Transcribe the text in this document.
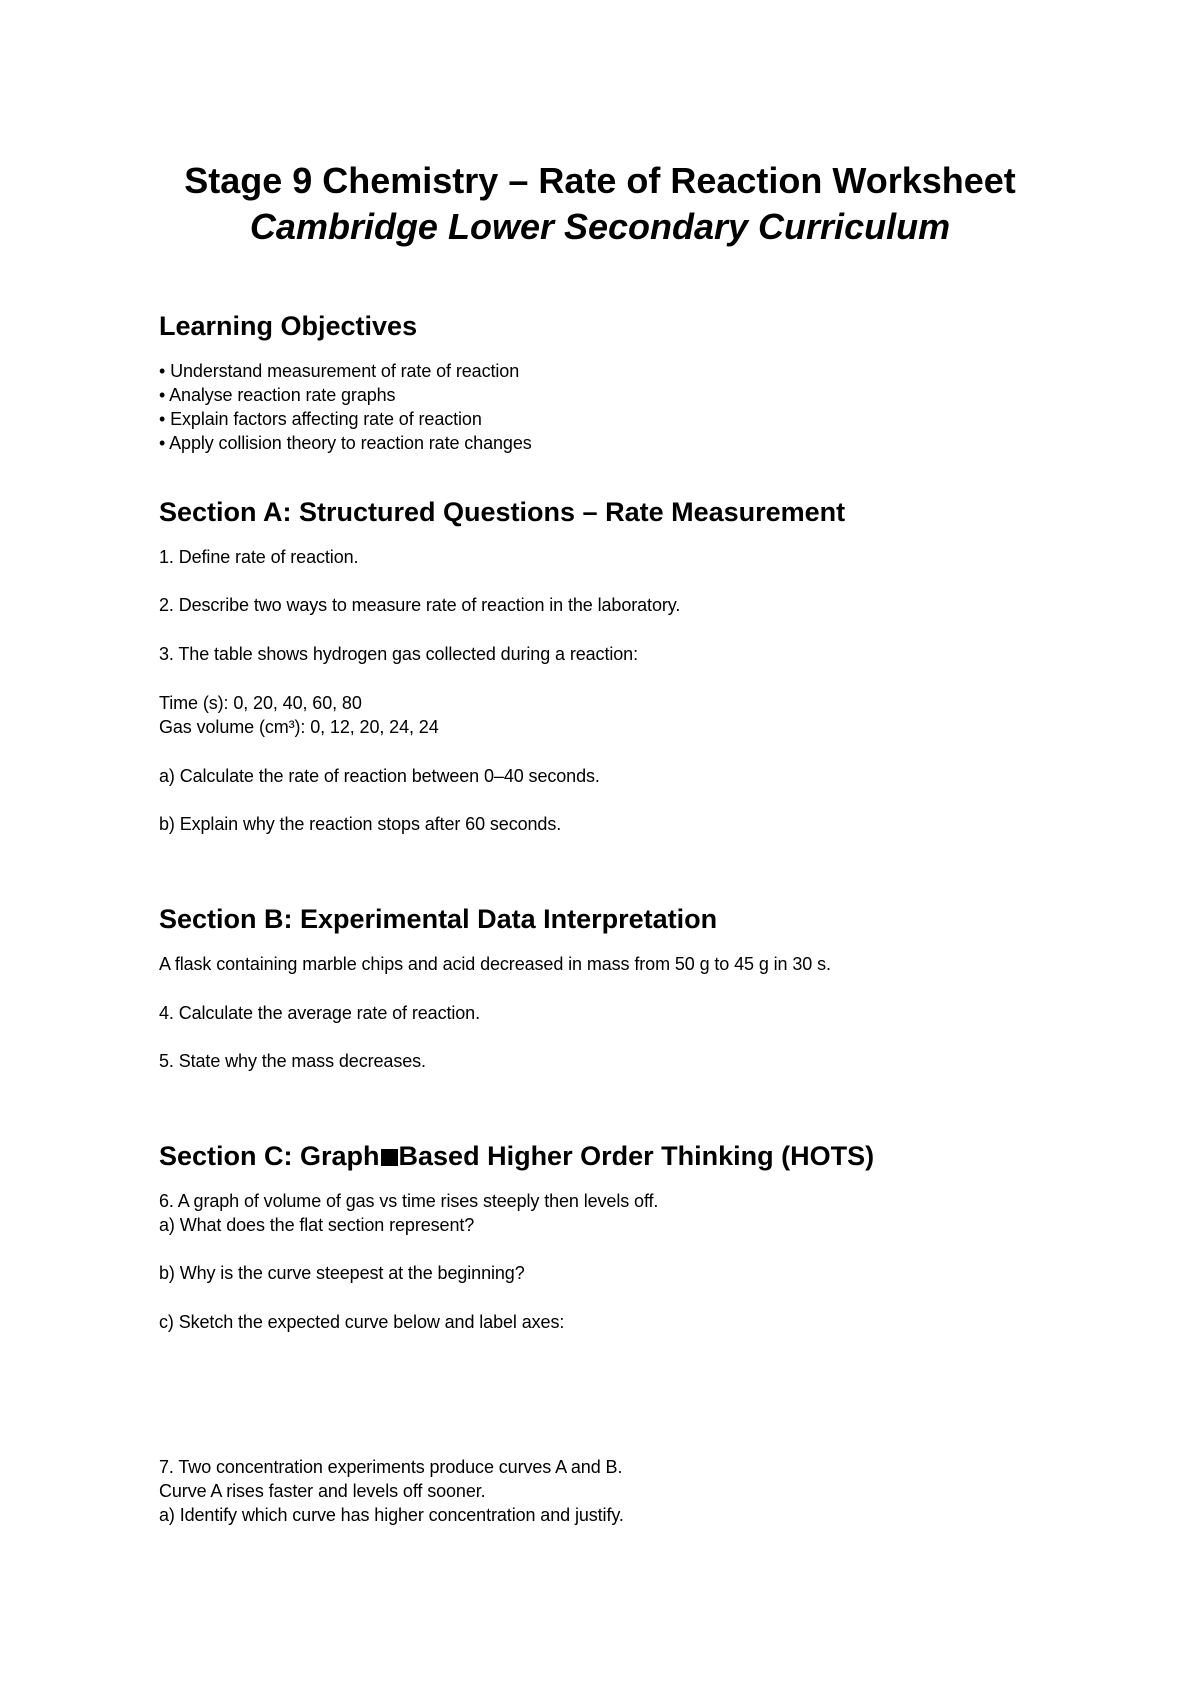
Stage 9 Chemistry – Rate of Reaction Worksheet
Cambridge Lower Secondary Curriculum
Learning Objectives
• Understand measurement of rate of reaction
• Analyse reaction rate graphs
• Explain factors affecting rate of reaction
• Apply collision theory to reaction rate changes
Section A: Structured Questions – Rate Measurement
1. Define rate of reaction.
2. Describe two ways to measure rate of reaction in the laboratory.
3. The table shows hydrogen gas collected during a reaction:
Time (s): 0, 20, 40, 60, 80
Gas volume (cm³): 0, 12, 20, 24, 24
a) Calculate the rate of reaction between 0–40 seconds.
b) Explain why the reaction stops after 60 seconds.
Section B: Experimental Data Interpretation
A flask containing marble chips and acid decreased in mass from 50 g to 45 g in 30 s.
4. Calculate the average rate of reaction.
5. State why the mass decreases.
Section C: Graph Based Higher Order Thinking (HOTS)
6. A graph of volume of gas vs time rises steeply then levels off.
a) What does the flat section represent?
b) Why is the curve steepest at the beginning?
c) Sketch the expected curve below and label axes:
7. Two concentration experiments produce curves A and B.
Curve A rises faster and levels off sooner.
a) Identify which curve has higher concentration and justify.
